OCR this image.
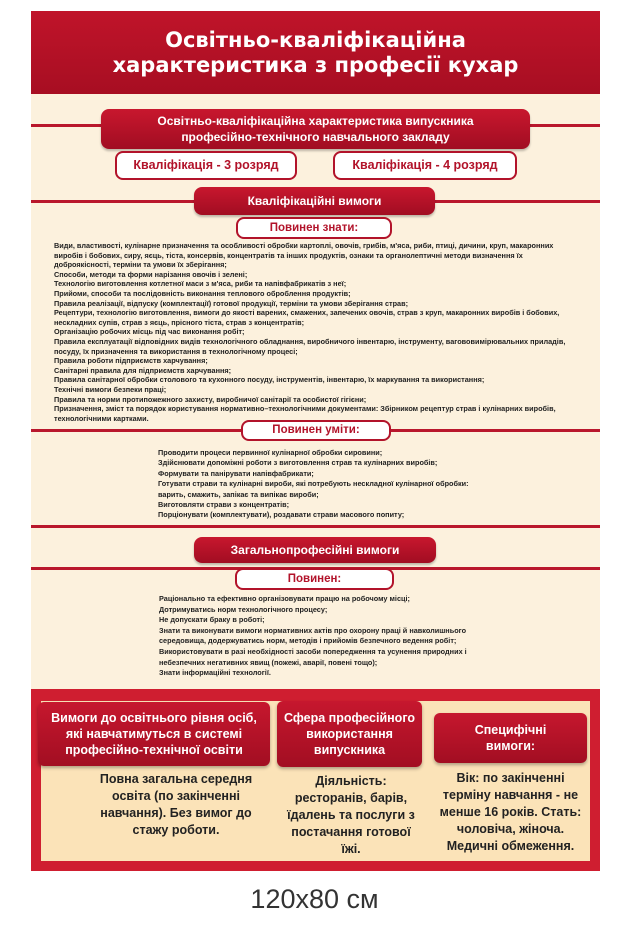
Освітньо-кваліфікаційна
характеристика з професії кухар
Освітньо-кваліфікаційна характеристика випускника
професійно-технічного навчального закладу
Кваліфікація - 3 розряд	Кваліфікація - 4 розряд
Кваліфікаційні вимоги
Повинен знати:

Види, властивості, кулінарне призначення та особливості обробки картоплі, овочів, грибів, м'яса, риби, птиці, дичини, круп, макаронних виробів і бобових, сиру, яєць, тіста, консервів, концентратів та інших продуктів, ознаки та органолептичні методи визначення їх доброякісності, терміни та умови їх зберігання;

Способи, методи та форми нарізання овочів і зелені;

Технологію виготовлення котлетної маси з м'яса, риби та напівфабрикатів з неї;

Прийоми, способи та послідовність виконання теплового оброблення продуктів;

Правила реалізації, відпуску (комплектації) готової продукції, терміни та умови зберігання страв;

Рецептури, технологію виготовлення, вимоги до якості варених, смажених, запечених овочів, страв з круп, макаронних виробів і бобових, нескладних супів, страв з яєць, прісного тіста, страв з концентратів;

Організацію робочих місць під час виконання робіт;

Правила експлуатації відповідних видів технологічного обладнання, виробничого інвентарю, інструменту, вагововимірювальних приладів, посуду, їх призначення та використання в технологічному процесі;

Правила роботи підприємств харчування;

Санітарні правила для підприємств харчування;

Правила санітарної обробки столового та кухонного посуду, інструментів, інвентарю, їх маркування та використання;

Технічні вимоги безпеки праці;

Правила та норми протипожежного захисту, виробничої санітарії та особистої гігієни;

Призначення, зміст та порядок користування нормативно–технологічними документами: Збірником рецептур страв і кулінарних виробів, технологічними картками.

Повинен уміти:

Проводити процеси первинної кулінарної обробки сировини;

Здійснювати допоміжні роботи з виготовлення страв та кулінарних виробів;

Формувати та панірувати напівфабрикати;

Готувати страви та кулінарні вироби, які потребують нескладної кулінарної обробки: варить, смажить, запікає та випікає вироби;

Виготовляти страви з концентратів;

Порціонувати (комплектувати), роздавати страви масового попиту;

Загальнопрофесійні вимоги
Повинен:

Раціонально та ефективно організовувати працю на робочому місці;

Дотримуватись норм технологічного процесу;

Не допускати браку в роботі;

Знати та виконувати вимоги нормативних актів про охорону праці й навколишнього середовища, додержуватись норм, методів і прийомів безпечного ведення робіт;

Використовувати в разі необхідності засоби попередження та усунення природних і небезпечних негативних явищ (пожежі, аварії, повені тощо);

Знати інформаційні технології.

Вимоги до освітнього рівня осіб, які навчатимуться в системі професійно-технічної освіти
Повна загальна середня освіта (по закінченні навчання). Без вимог до стажу роботи.
Сфера професійного використання випускника
Діяльність: ресторанів, барів, їдалень та послуги з постачання готової їжі.
Специфічні вимоги:
Вік: по закінченні терміну навчання - не менше 16 років. Стать: чоловіча, жіноча. Медичні обмеження.
120x80 см
